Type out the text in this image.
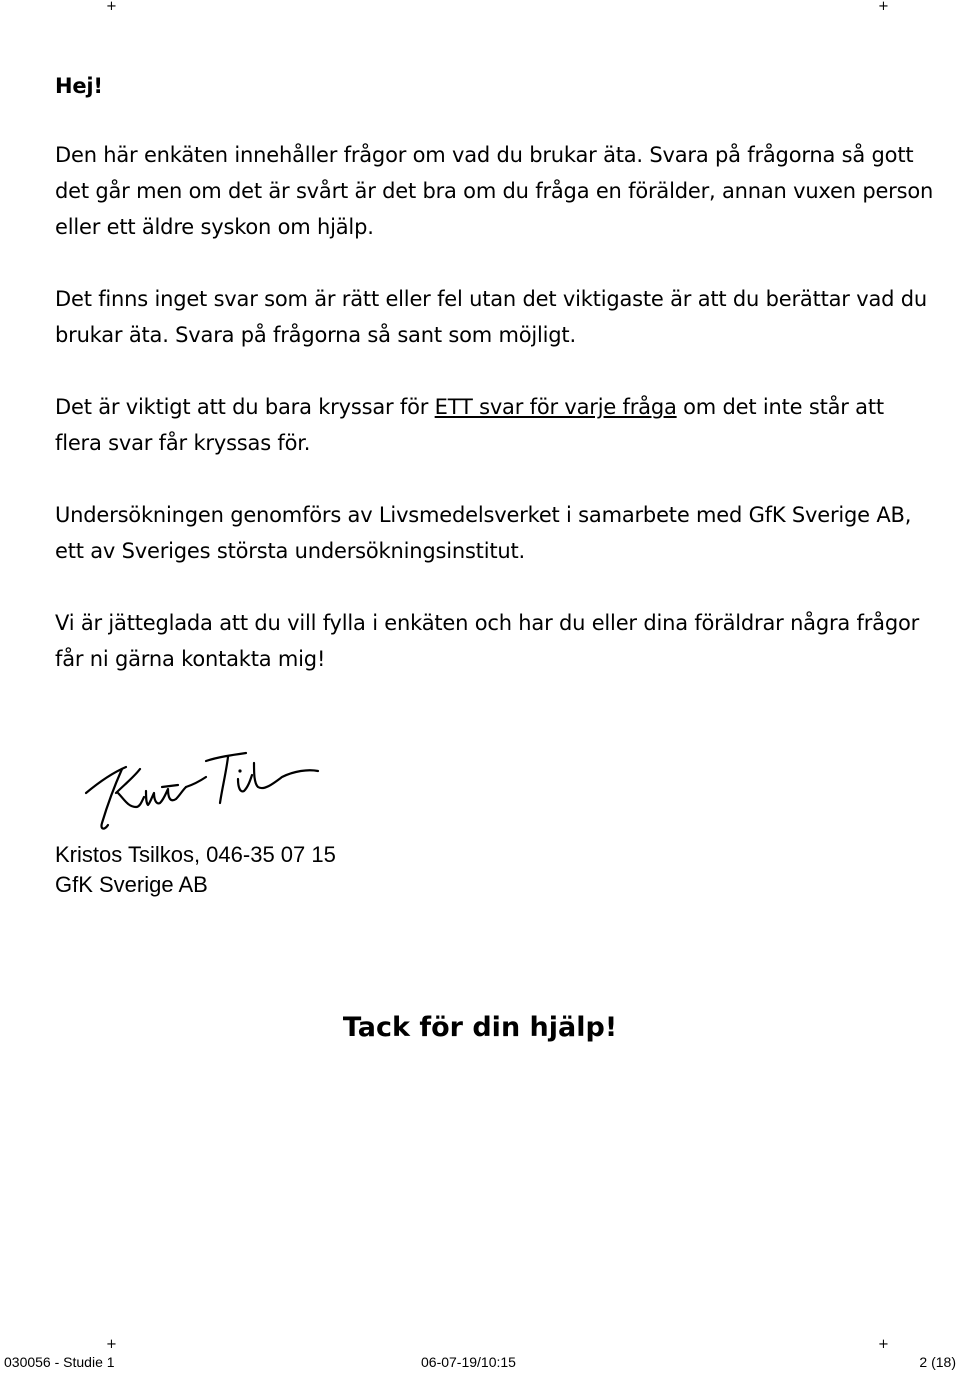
+	+
+	+

Hej!

Den här enkäten innehåller frågor om vad du brukar äta. Svara på frågorna så gott det går men om det är svårt är det bra om du fråga en förälder, annan vuxen person eller ett äldre syskon om hjälp.

Det finns inget svar som är rätt eller fel utan det viktigaste är att du berättar vad du brukar äta. Svara på frågorna så sant som möjligt.

Det är viktigt att du bara kryssar för ETT svar för varje fråga om det inte står att flera svar får kryssas för.

Undersökningen genomförs av Livsmedelsverket i samarbete med GfK Sverige AB, ett av Sveriges största undersökningsinstitut.

Vi är jätteglada att du vill fylla i enkäten och har du eller dina föräldrar några frågor får ni gärna kontakta mig!

Kristos Tsilkos, 046-35 07 15
GfK Sverige AB
Tack för din hjälp!
030056 - Studie 1	06-07-19/10:15	2 (18)
